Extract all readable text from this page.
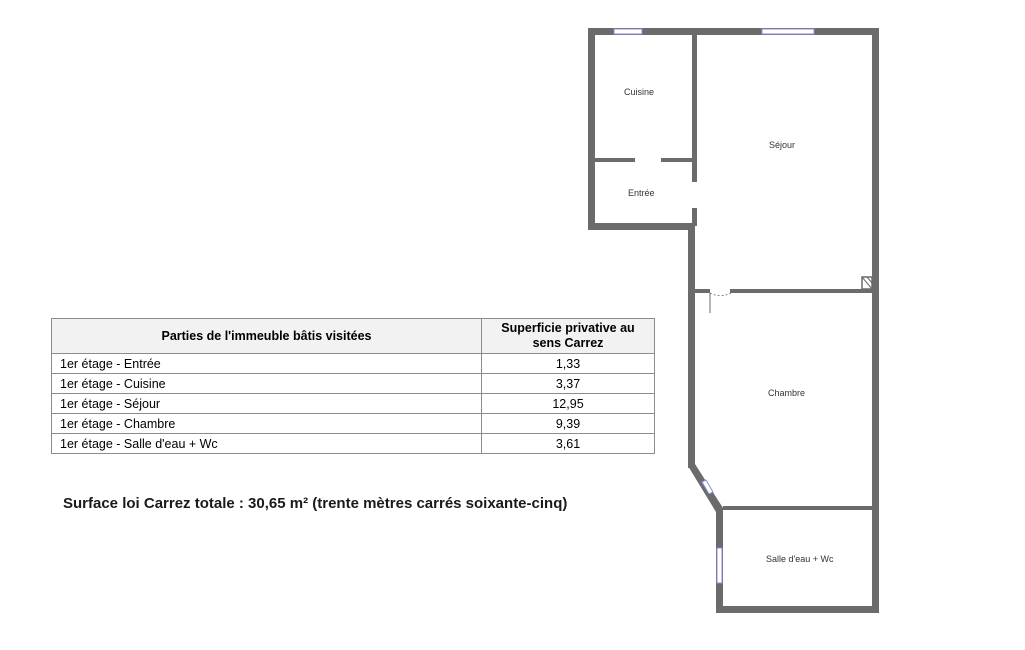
Cuisine
Entrée
Séjour
Chambre
Salle d'eau + Wc
Parties de l'immeuble bâtis visitées	Superficie privative au sens Carrez
1er étage - Entrée	1,33
1er étage - Cuisine	3,37
1er étage - Séjour	12,95
1er étage - Chambre	9,39
1er étage - Salle d'eau + Wc	3,61
Surface loi Carrez totale : 30,65 m² (trente mètres carrés soixante-cinq)
